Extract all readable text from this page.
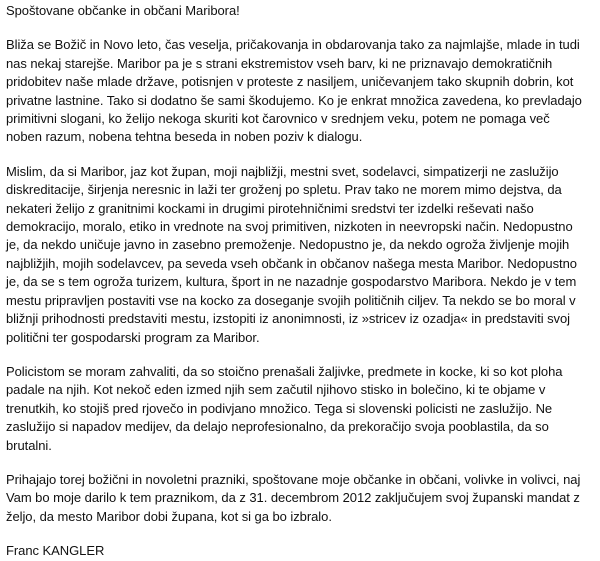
Spoštovane občanke in občani Maribora!
Bliža se Božič in Novo leto, čas veselja, pričakovanja in obdarovanja tako za najmlajše, mlade in tudi
nas nekaj starejše. Maribor pa je s strani ekstremistov vseh barv, ki ne priznavajo demokratičnih
pridobitev naše mlade države, potisnjen v proteste z nasiljem, uničevanjem tako skupnih dobrin, kot
privatne lastnine. Tako si dodatno še sami škodujemo. Ko je enkrat množica zavedena, ko prevladajo
primitivni slogani, ko želijo nekoga skuriti kot čarovnico v srednjem veku, potem ne pomaga več
noben razum, nobena tehtna beseda in noben poziv k dialogu.
Mislim, da si Maribor, jaz kot župan, moji najbližji, mestni svet, sodelavci, simpatizerji ne zaslužijo
diskreditacije, širjenja neresnic in laži ter groženj po spletu. Prav tako ne morem mimo dejstva, da
nekateri želijo z granitnimi kockami in drugimi pirotehničnimi sredstvi ter izdelki reševati našo
demokracijo, moralo, etiko in vrednote na svoj primitiven, nizkoten in neevropski način. Nedopustno
je, da nekdo uničuje javno in zasebno premoženje. Nedopustno je, da nekdo ogroža življenje mojih
najbližjih, mojih sodelavcev, pa seveda vseh občank in občanov našega mesta Maribor. Nedopustno
je, da se s tem ogroža turizem, kultura, šport in ne nazadnje gospodarstvo Maribora. Nekdo je v tem
mestu pripravljen postaviti vse na kocko za doseganje svojih političnih ciljev. Ta nekdo se bo moral v
bližnji prihodnosti predstaviti mestu, izstopiti iz anonimnosti, iz »stricev iz ozadja« in predstaviti svoj
politični ter gospodarski program za Maribor.
Policistom se moram zahvaliti, da so stoično prenašali žaljivke, predmete in kocke, ki so kot ploha
padale na njih. Kot nekoč eden izmed njih sem začutil njihovo stisko in bolečino, ki te objame v
trenutkih, ko stojiš pred rjovečo in podivjano množico. Tega si slovenski policisti ne zaslužijo. Ne
zaslužijo si napadov medijev, da delajo neprofesionalno, da prekoračijo svoja pooblastila, da so
brutalni.
Prihajajo torej božični in novoletni prazniki, spoštovane moje občanke in občani, volivke in volivci, naj
Vam bo moje darilo k tem praznikom, da z 31. decembrom 2012 zaključujem svoj županski mandat z
željo, da mesto Maribor dobi župana, kot si ga bo izbralo.
Franc KANGLER
